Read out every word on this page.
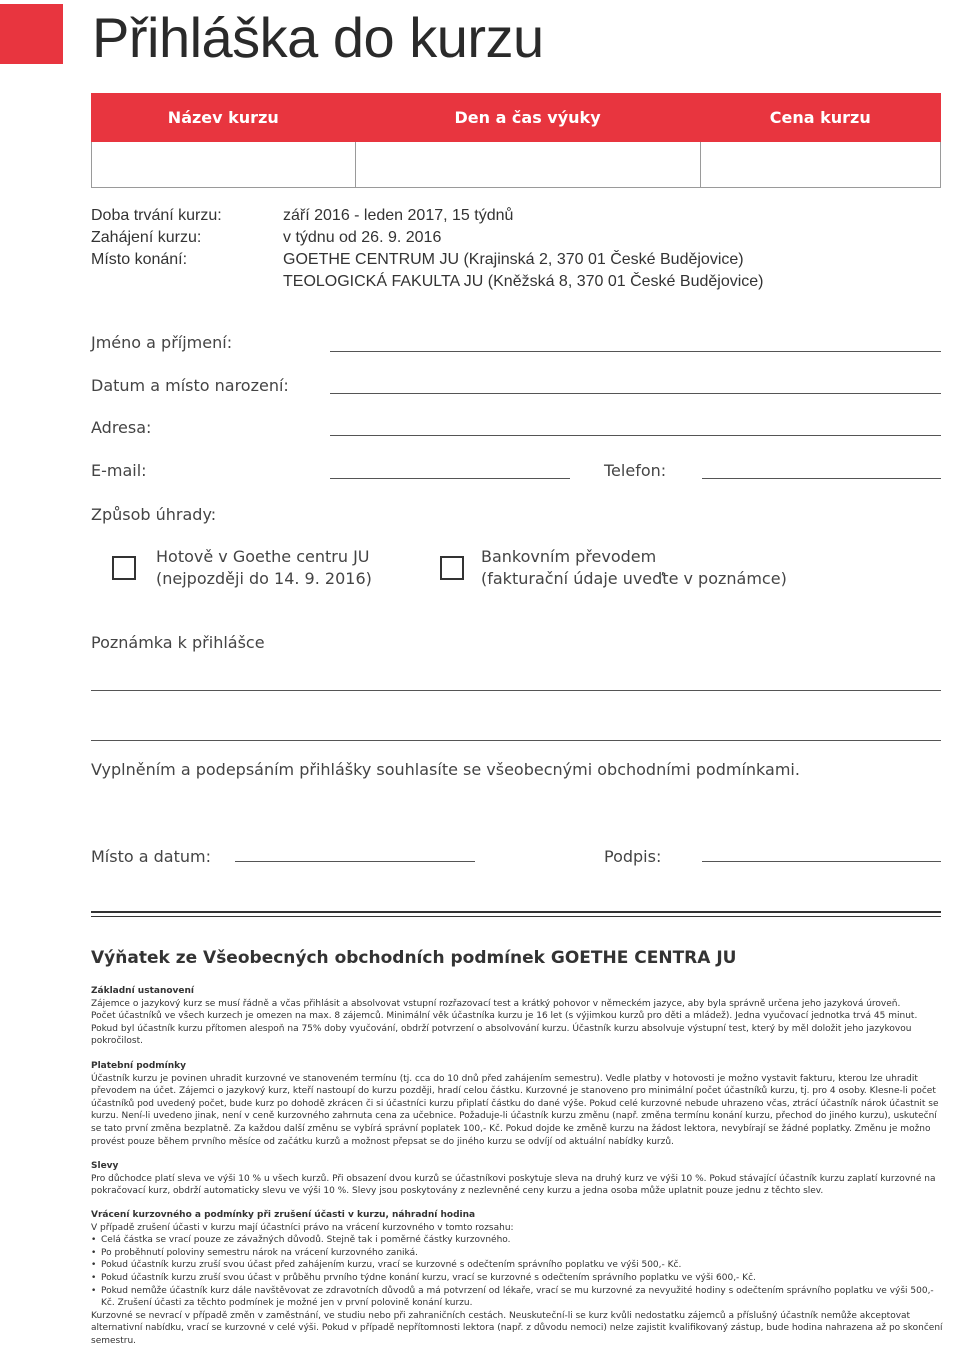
Přihláška do kurzu
Název kurzu	Den a čas výuky	Cena kurzu

Doba trvání kurzu:	září 2016 - leden 2017, 15 týdnů
Zahájení kurzu:	v týdnu od 26. 9. 2016
Místo konání:	GOETHE CENTRUM JU (Krajinská 2, 370 01 České Budějovice)
TEOLOGICKÁ FAKULTA JU (Kněžská 8, 370 01 České Budějovice)
Jméno a příjmení:
Datum a místo narození:
Adresa:
E-mail:	Telefon:
Způsob úhrady:
Hotově v Goethe centru JU
(nejpozději do 14. 9. 2016)
Bankovním převodem
(fakturační údaje uveďte v poznámce)
Poznámka k přihlášce
Vyplněním a podepsáním přihlášky souhlasíte se všeobecnými obchodními podmínkami.
Místo a datum:	Podpis:
Výňatek ze Všeobecných obchodních podmínek GOETHE CENTRA JU
Základní ustanovení
Zájemce o jazykový kurz se musí řádně a včas přihlásit a absolvovat vstupní rozřazovací test a krátký pohovor v německém jazyce, aby byla správně určena jeho jazyková úroveň.
Počet účastníků ve všech kurzech je omezen na max. 8 zájemců. Minimální věk účastníka kurzu je 16 let (s výjimkou kurzů pro děti a mládež). Jedna vyučovací jednotka trvá 45 minut.
Pokud byl účastník kurzu přítomen alespoň na 75% doby vyučování, obdrží potvrzení o absolvování kurzu. Účastník kurzu absolvuje výstupní test, který by měl doložit jeho jazykovou pokročilost.
Platební podmínky
Účastník kurzu je povinen uhradit kurzovné ve stanoveném termínu (tj. cca do 10 dnů před zahájením semestru). Vedle platby v hotovosti je možno vystavit fakturu, kterou lze uhradit převodem na účet. Zájemci o jazykový kurz, kteří nastoupí do kurzu později, hradí celou částku. Kurzovné je stanoveno pro minimální počet účastníků kurzu, tj. pro 4 osoby. Klesne-li počet účastníků pod uvedený počet, bude kurz po dohodě zkrácen či si účastníci kurzu připlatí částku do dané výše. Pokud celé kurzovné nebude uhrazeno včas, ztrácí účastník nárok účastnit se kurzu. Není-li uvedeno jinak, není v ceně kurzovného zahrnuta cena za učebnice. Požaduje-li účastník kurzu změnu (např. změna termínu konání kurzu, přechod do jiného kurzu), uskuteční se tato první změna bezplatně. Za každou další změnu se vybírá správní poplatek 100,- Kč. Pokud dojde ke změně kurzu na žádost lektora, nevybírají se žádné poplatky. Změnu je možno provést pouze během prvního měsíce od začátku kurzů a možnost přepsat se do jiného kurzu se odvíjí od aktuální nabídky kurzů.
Slevy
Pro důchodce platí sleva ve výši 10 % u všech kurzů. Při obsazení dvou kurzů se účastníkovi poskytuje sleva na druhý kurz ve výši 10 %. Pokud stávající účastník kurzu zaplatí kurzovné na pokračovací kurz, obdrží automaticky slevu ve výši 10 %. Slevy jsou poskytovány z nezlevněné ceny kurzu a jedna osoba může uplatnit pouze jednu z těchto slev.
Vrácení kurzovného a podmínky při zrušení účasti v kurzu, náhradní hodina
V případě zrušení účasti v kurzu mají účastníci právo na vrácení kurzovného v tomto rozsahu:
• Celá částka se vrací pouze ze závažných důvodů. Stejně tak i poměrné částky kurzovného.
• Po proběhnutí poloviny semestru nárok na vrácení kurzovného zaniká.
• Pokud účastník kurzu zruší svou účast před zahájením kurzu, vrací se kurzovné s odečtením správního poplatku ve výši 500,- Kč.
• Pokud účastník kurzu zruší svou účast v průběhu prvního týdne konání kurzu, vrací se kurzovné s odečtením správního poplatku ve výši 600,- Kč.
• Pokud nemůže účastník kurz dále navštěvovat ze zdravotních důvodů a má potvrzení od lékaře, vrací se mu kurzovné za nevyužité hodiny s odečtením správního poplatku ve výši 500,- Kč. Zrušení účasti za těchto podmínek je možné jen v první polovině konání kurzu.
Kurzovné se nevrací v případě změn v zaměstnání, ve studiu nebo při zahraničních cestách. Neuskuteční-li se kurz kvůli nedostatku zájemců a příslušný účastník nemůže akceptovat alternativní nabídku, vrací se kurzovné v celé výši. Pokud v případě nepřítomnosti lektora (např. z důvodu nemoci) nelze zajistit kvalifikovaný zástup, bude hodina nahrazena až po skončení semestru.
